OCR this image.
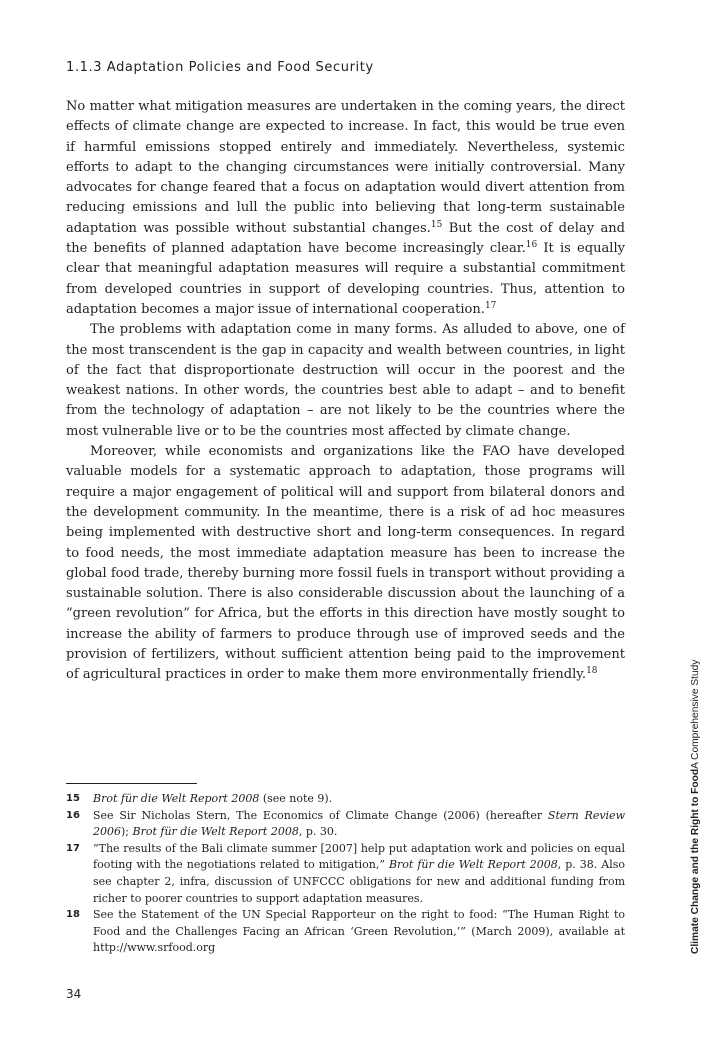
1.1.3 Adaptation Policies and Food Security

No matter what mitigation measures are undertaken in the coming years, the direct effects of climate change are expected to increase. In fact, this would be true even if harmful emissions stopped entirely and immediately. Nevertheless, systemic efforts to adapt to the changing circumstances were initially controversial. Many advocates for change feared that a focus on adaptation would divert attention from reducing emissions and lull the public into believing that long-term sustainable adaptation was possible without substantial changes.$^{15}$ But the cost of delay and the benefits of planned adaptation have become increasingly clear.$^{16}$ It is equally clear that meaningful adaptation measures will require a substantial commitment from developed countries in support of developing countries. Thus, attention to adaptation becomes a major issue of international cooperation.$^{17}$

The problems with adaptation come in many forms. As alluded to above, one of the most transcendent is the gap in capacity and wealth between countries, in light of the fact that disproportionate destruction will occur in the poorest and the weakest nations. In other words, the countries best able to adapt – and to benefit from the technology of adaptation – are not likely to be the countries where the most vulnerable live or to be the countries most affected by climate change.

Moreover, while economists and organizations like the FAO have developed valuable models for a systematic approach to adaptation, those programs will require a major engagement of political will and support from bilateral donors and the development community. In the meantime, there is a risk of ad hoc measures being implemented with destructive short and long-term consequences. In regard to food needs, the most immediate adaptation measure has been to increase the global food trade, thereby burning more fossil fuels in transport without providing a sustainable solution. There is also considerable discussion about the launching of a “green revolution” for Africa, but the efforts in this direction have mostly sought to increase the ability of farmers to produce through use of improved seeds and the provision of fertilizers, without sufficient attention being paid to the improvement of agricultural practices in order to make them more environmentally friendly.$^{18}$

15	Brot für die Welt Report 2008 (see note 9).
16	See Sir Nicholas Stern, The Economics of Climate Change (2006) (hereafter Stern Review 2006); Brot für die Welt Report 2008, p. 30.
17	“The results of the Bali climate summer [2007] help put adaptation work and policies on equal footing with the negotiations related to mitigation,” Brot für die Welt Report 2008, p. 38. Also see chapter 2, infra, discussion of UNFCCC obligations for new and additional funding from richer to poorer countries to support adaptation measures.
18	See the Statement of the UN Special Rapporteur on the right to food: “The Human Right to Food and the Challenges Facing an African ‘Green Revolution,’” (March 2009), available at http://www.srfood.org
34
Climate Change and the Right to FoodA Comprehensive Study
